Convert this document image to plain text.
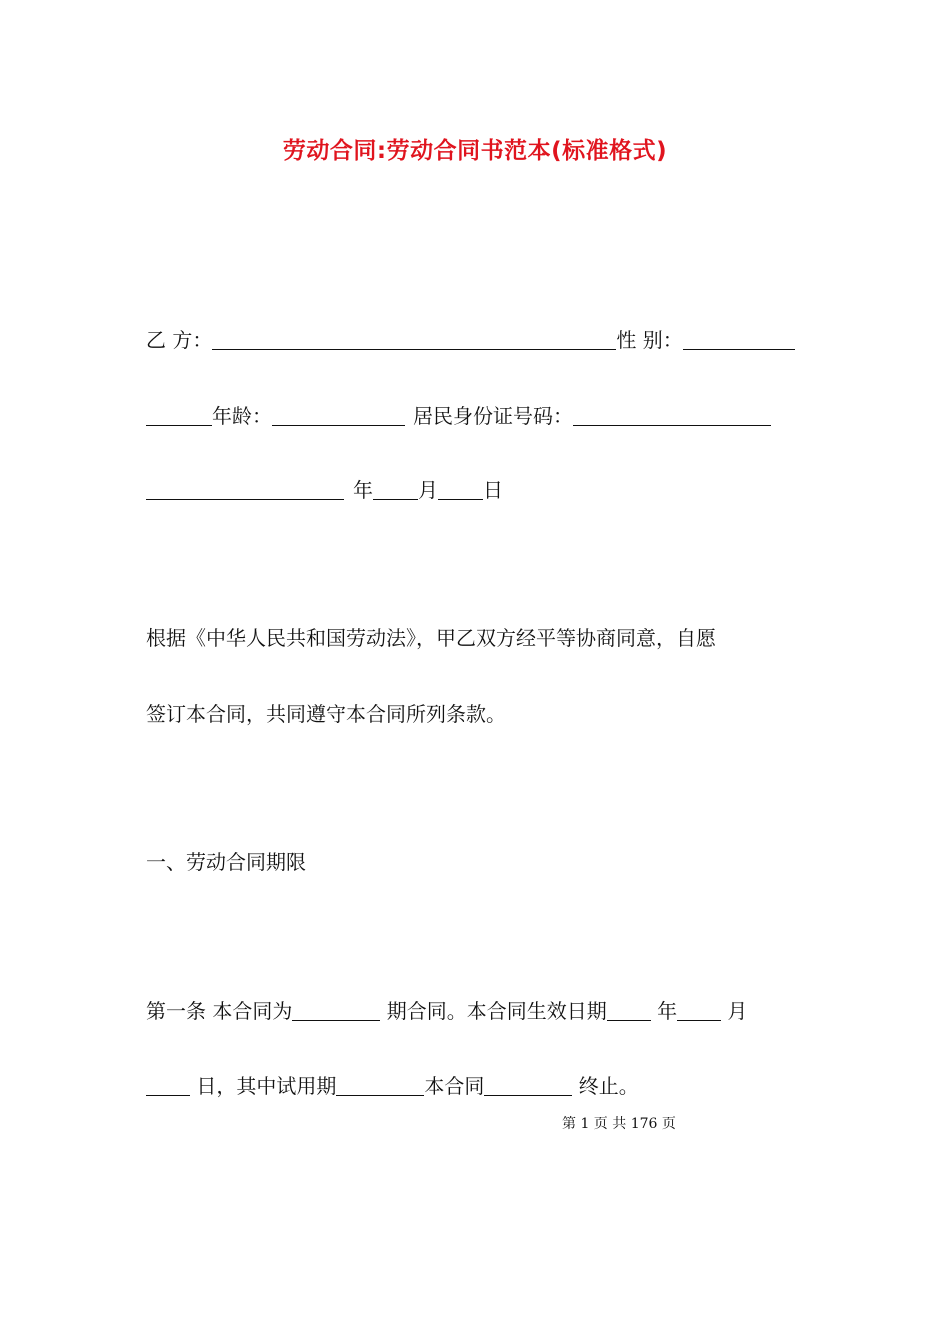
劳动合同:劳动合同书范本(标准格式)
乙 方：	性 别：
年龄：	居民身份证号码：
年 月 日
根据《中华人民共和国劳动法》，甲乙双方经平等协商同意，自愿
签订本合同，共同遵守本合同所列条款。
一、劳动合同期限
第一条 本合同为	期合同。本合同生效日期 年 月
日，其中试用期	本合同	终止。
第 1 页 共 176 页
